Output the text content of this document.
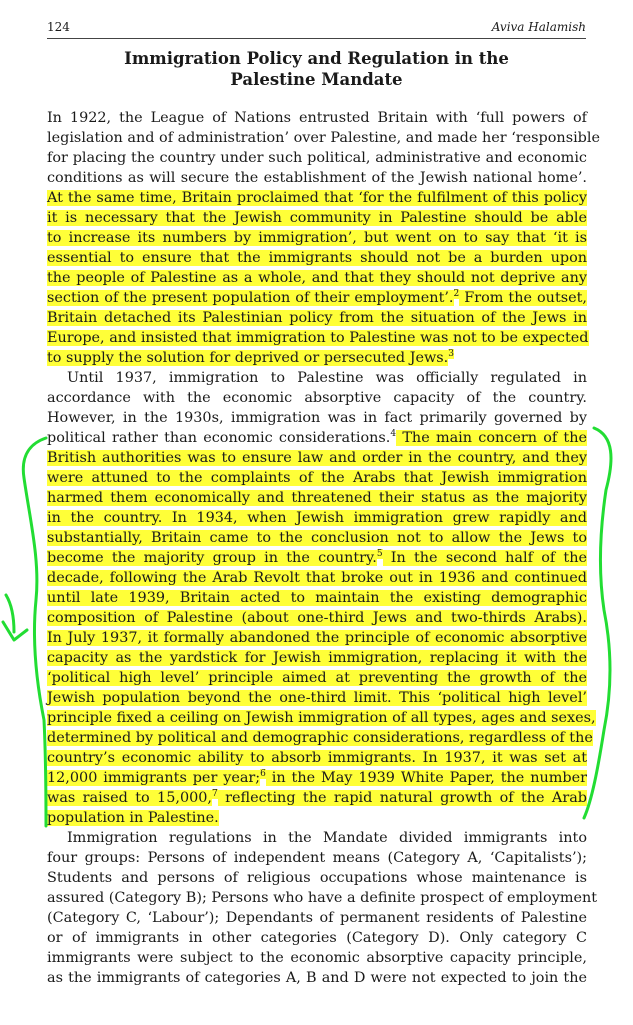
124	Aviva Halamish
Immigration Policy and Regulation in the
Palestine Mandate
In 1922, the League of Nations entrusted Britain with ‘full powers of
legislation and of administration’ over Palestine, and made her ‘responsible
for placing the country under such political, administrative and economic
conditions as will secure the establishment of the Jewish national home’.
At the same time, Britain proclaimed that ‘for the fulfilment of this policy
it is necessary that the Jewish community in Palestine should be able
to increase its numbers by immigration’, but went on to say that ‘it is
essential to ensure that the immigrants should not be a burden upon
the people of Palestine as a whole, and that they should not deprive any
section of the present population of their employment’.$^2$ From the outset,
Britain detached its Palestinian policy from the situation of the Jews in
Europe, and insisted that immigration to Palestine was not to be expected
to supply the solution for deprived or persecuted Jews.$^3$
Until 1937, immigration to Palestine was officially regulated in
accordance with the economic absorptive capacity of the country.
However, in the 1930s, immigration was in fact primarily governed by
political rather than economic considerations.$^4$ The main concern of the
British authorities was to ensure law and order in the country, and they
were attuned to the complaints of the Arabs that Jewish immigration
harmed them economically and threatened their status as the majority
in the country. In 1934, when Jewish immigration grew rapidly and
substantially, Britain came to the conclusion not to allow the Jews to
become the majority group in the country.$^5$ In the second half of the
decade, following the Arab Revolt that broke out in 1936 and continued
until late 1939, Britain acted to maintain the existing demographic
composition of Palestine (about one-third Jews and two-thirds Arabs).
In July 1937, it formally abandoned the principle of economic absorptive
capacity as the yardstick for Jewish immigration, replacing it with the
‘political high level’ principle aimed at preventing the growth of the
Jewish population beyond the one-third limit. This ‘political high level’
principle fixed a ceiling on Jewish immigration of all types, ages and sexes,
determined by political and demographic considerations, regardless of the
country’s economic ability to absorb immigrants. In 1937, it was set at
12,000 immigrants per year;$^6$ in the May 1939 White Paper, the number
was raised to 15,000,$^7$ reflecting the rapid natural growth of the Arab
population in Palestine.
Immigration regulations in the Mandate divided immigrants into
four groups: Persons of independent means (Category A, ‘Capitalists’);
Students and persons of religious occupations whose maintenance is
assured (Category B); Persons who have a definite prospect of employment
(Category C, ‘Labour’); Dependants of permanent residents of Palestine
or of immigrants in other categories (Category D). Only category C
immigrants were subject to the economic absorptive capacity principle,
as the immigrants of categories A, B and D were not expected to join the
